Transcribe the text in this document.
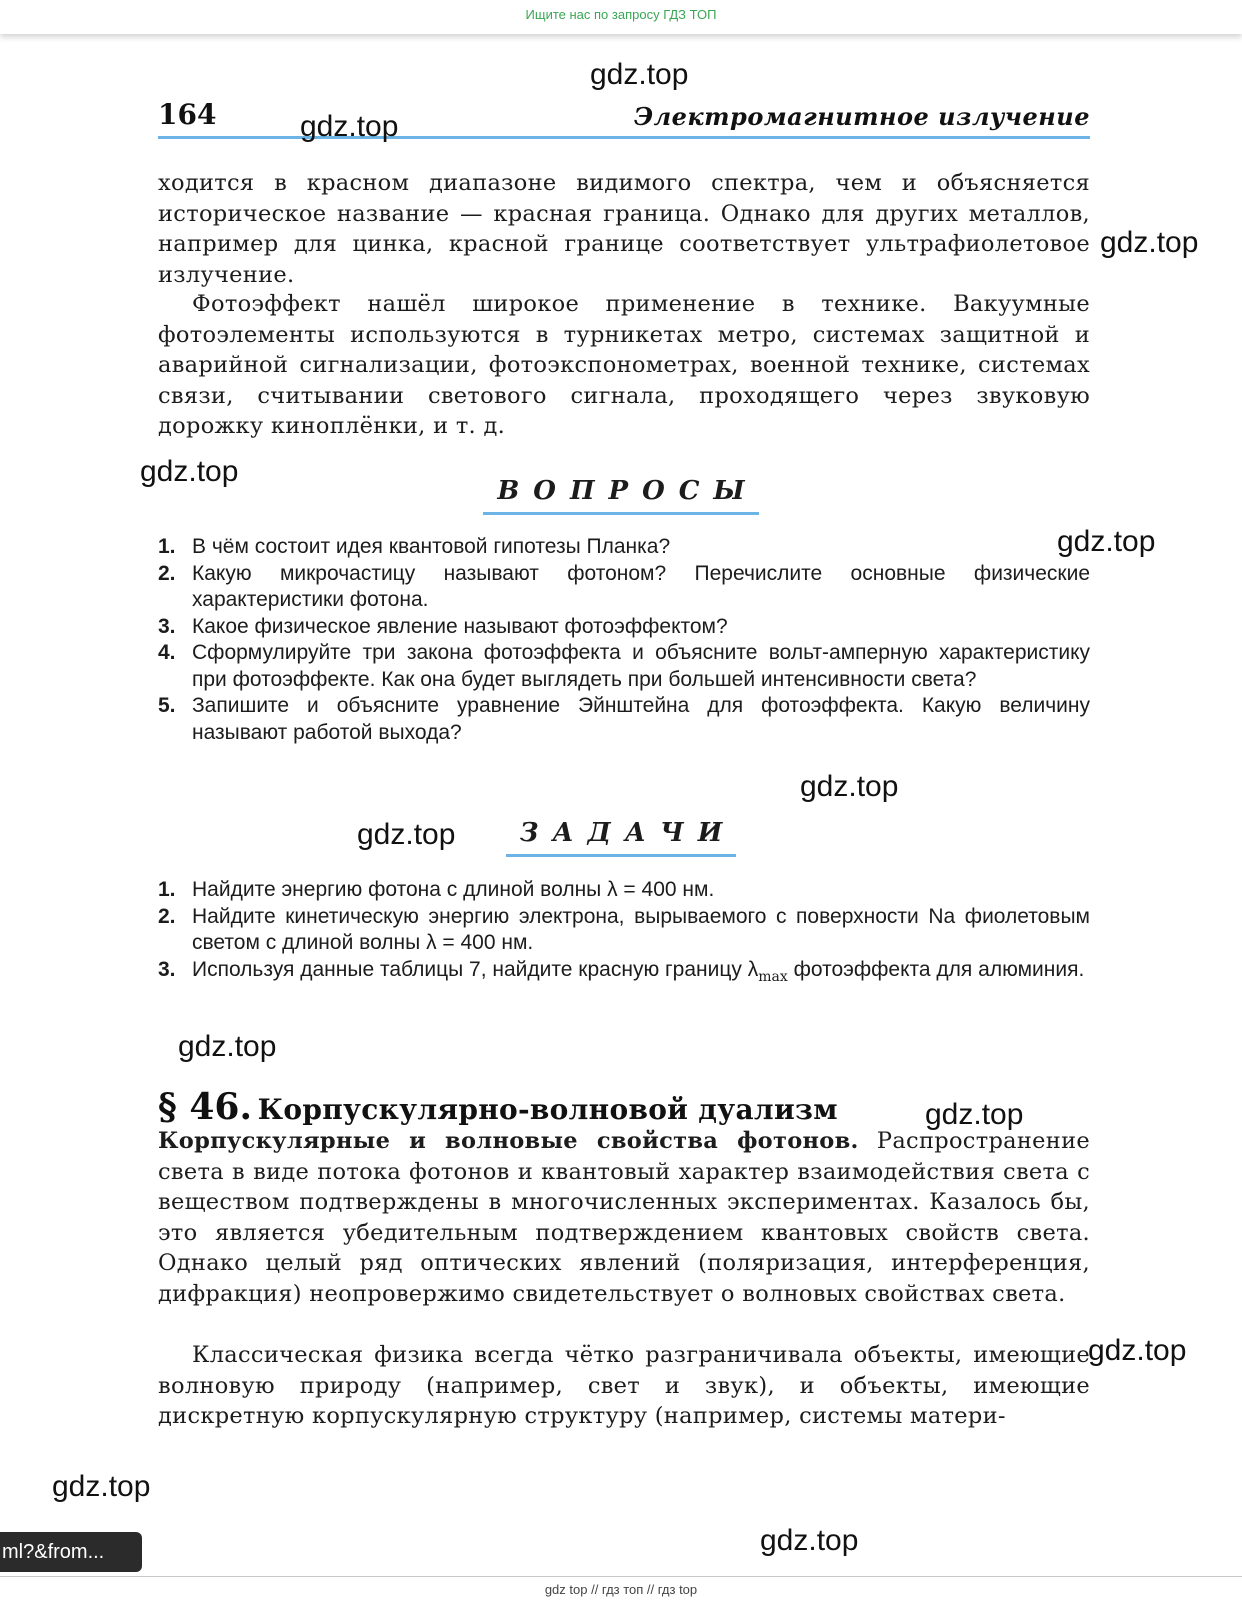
Ищите нас по запросу ГДЗ ТОП
164	Электромагнитное излучение

ходится в красном диапазоне видимого спектра, чем и объясняется историческое название — красная граница. Однако для других металлов, например для цинка, красной границе соответствует ультрафиолетовое излучение.

Фотоэффект нашёл широкое применение в технике. Вакуумные фотоэлементы используются в турникетах метро, системах защитной и аварийной сигнализации, фотоэкспонометрах, военной технике, системах связи, считывании светового сигнала, проходящего через звуковую дорожку киноплёнки, и т. д.

ВОПРОСЫ
1. В чём состоит идея квантовой гипотезы Планка?
2. Какую микрочастицу называют фотоном? Перечислите основные физические характеристики фотона.
3. Какое физическое явление называют фотоэффектом?
4. Сформулируйте три закона фотоэффекта и объясните вольт-амперную характеристику при фотоэффекте. Как она будет выглядеть при большей интенсивности света?
5. Запишите и объясните уравнение Эйнштейна для фотоэффекта. Какую величину называют работой выхода?
ЗАДАЧИ
1. Найдите энергию фотона с длиной волны λ = 400 нм.
2. Найдите кинетическую энергию электрона, вырываемого с поверхности Na фиолетовым светом с длиной волны λ = 400 нм.
3. Используя данные таблицы 7, найдите красную границу $\lambda_{max}$ фотоэффекта для алюминия.
§ 46. Корпускулярно-волновой дуализм

Корпускулярные и волновые свойства фотонов. Распространение света в виде потока фотонов и квантовый характер взаимодействия света с веществом подтверждены в многочисленных экспериментах. Казалось бы, это является убедительным подтверждением квантовых свойств света. Однако целый ряд оптических явлений (поляризация, интерференция, дифракция) неопровержимо свидетельствует о волновых свойствах света.

Классическая физика всегда чётко разграничивала объекты, имеющие волновую природу (например, свет и звук), и объекты, имеющие дискретную корпускулярную структуру (например, системы матери-

gdz.top
gdz.top
gdz.top
gdz.top
gdz.top
gdz.top
gdz.top
gdz.top
gdz.top
gdz.top
gdz.top
gdz.top
ml?&from...
gdz top // гдз топ // гдз top
